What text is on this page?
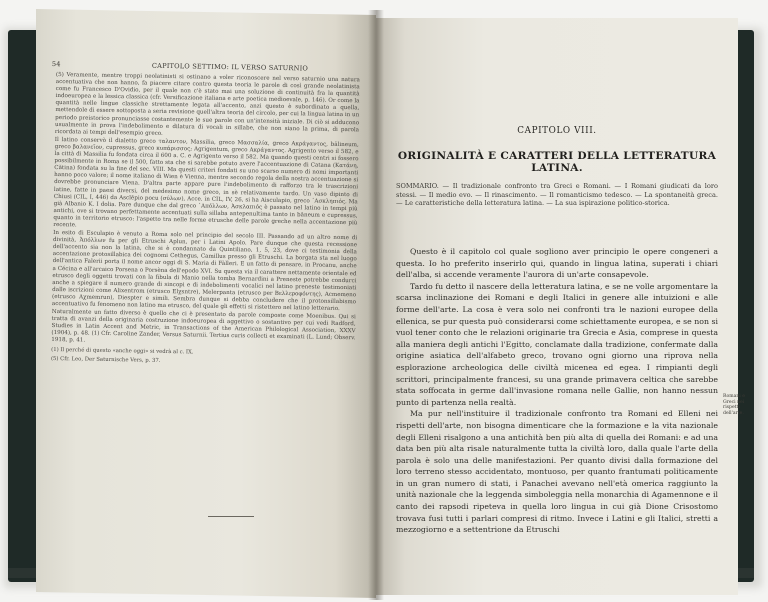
54	CAPITOLO SETTIMO: IL VERSO SATURNIO

(5) Veramente, mentre troppi neolatinisti si ostinano a voler riconoscere nel verso saturnio una natura accentuativa che non hanno, fa piacere citare contro questa teoria le parole di così grande neolatinista come fu Francesco D'Ovidio, per il quale non c'è stato mai una soluzione di continuità fra la quantità indoeuropea e la lessica classica (cfr. Versificazione italiana e arte poetica medioevale, p. 146). Or come la quantità nelle lingue classiche strettamente legata all'accento, anzi questo è subordinato a quella, mettendole di essere sottoposta a seria revisione quell'altra teoria del circolo, per cui la lingua latina in un periodo preistorico pronunciasse costantemente le sue parole con un'intensità iniziale. Di ciò si adducono usualmente in prova l'indebolimento e dilatura di vocali in sillabe, che non siano la prima, di parola ricordata ai tempi dell'esempio greco.

Il latino conservò il dialetto greco ταλαντον, Massilia, greco Μασσαλία, greco Ακράγαντος, bālineum, greco βαλανεῖον, cupressus, greco κυπάρισσος; Agrigentum, greco Ακράγαντος. Agrigento verso il 582, e la città di Massilia fu fondata circa il 600 a. C. e Agrigento verso il 582. Ma quando questi centri si fossero possibilmente in Roma se il 500, fatto sta che si sarebbe potuto avere l'accentuazione di Catana (Κατάνη, Cătina) fondata su la fine del sec. VIII. Ma questi criteri fondati su uno scarso numero di nomi importanti hanno poco valore; il nome italiano di Wien è Vienna, mentre secondo regola della nostra accentuazione si dovrebbe pronunciare Viena. D'altra parte appare pure l'indebolimento di rafforzo tra le trascrizioni latine, fatte in paesi diversi, del medesimo nome greco, in sè relativamente tardo. Un vaso dipinto di Chiusi (CIL, I, 446) da Asclēpio pocu (σύλων), Acce. in CIL, IV, 26, si ha Aisculapio, greco ᾽Ασκληπιός. Ma già Albanio K. I dolia. Pare dunque che dal greco ᾽Απόλλων, Ἀσκλαπιός è passato nel latino in tempi più antichi, ove si trovano perfettamente accentuati sulla sillaba antepenultima tanto in bāneum e cupressus, quanto in territorio etrusco: l'aspetto tra nelle forme etrusche delle parole greche nella accentazione più recente.

In esito di Esculapio è venuto a Roma solo nel principio del secolo III. Passando ad un altro nome di divinità, Ἀπόλλων fu per gli Etruschi Aplun, per i Latini Apolo. Pare dunque che questa recessione dell'accento sia non la latina, che si è condannato da Quintiliano, 1, 5, 23, dove ci testimonia della accentazione protosillabica dei cognomi Cethegus, Camillus presso gli Etruschi. La borgata sta nel luogo dell'antica Falerii porta il nome ancor oggi di S. Maria di Fàlleri. E un fatto di pensare, in Procanu, anche a Cécina e all'arcaico Porsena o Porsèna dell'epodo XVI. Su questa via il carattere nettamente orientale ed etrusco degli oggetti trovati con la fibula di Manio nella tomba Bernardini a Preneste potrebbe condurci anche a spiegare il numero grande di sincopi e di indebolimenti vocalici nel latino preneste testimoniati dalle iscrizioni come Alixentrom (etrusco Elχsntre), Melerpanta (etrusco per Βελλεροφόντης), Acmemeno (etrusco Aχmemrun), Diespter e simili. Sembra dunque si debba concludere che il protonsillabismo accentuativo fu fenomeno non latino ma etrusco, del quale gli effetti si ristettero nel latino letterario.

Naturalmente un fatto diverso è quello che ci è presentato da parole composte come Moenibus. Qui si tratta di avanzi della originaria costruzione indoeuropea di aggettivo o sostantivo per cui vedi Radford, Studies in Latin Accent and Metric, in Transactions of the American Philological Association, XXXV (1904), p. 48. (1) Cfr. Caroline Zander, Versus Saturnii. Tertius curis collecti et examinati (L. Lund; Observ. 1918, p. 41.

(1) Il perché di questo «anche oggi» si vedrà al c. IX.

(5) Cfr. Leo, Der Saturnische Vers, p. 37.

CAPITOLO VIII.
ORIGINALITÀ E CARATTERI DELLA LETTERATURA LATINA.
SOMMARIO. — Il tradizionale confronto tra Greci e Romani. — I Romani giudicati da loro stessi. — Il medio evo. — Il rinascimento. — Il romanticismo tedesco. — La spontaneità greca. — Le caratteristiche della letteratura latina. — La sua ispirazione politico-storica.

Questo è il capitolo col quale sogliono aver principio le opere congeneri a questa. Io ho preferito inserirlo qui, quando in lingua latina, superati i chiari dell'alba, si accende veramente l'aurora di un'arte consapevole.

Tardo fu detto il nascere della letteratura latina, e se ne volle argomentare la scarsa inclinazione dei Romani e degli Italici in genere alle intuizioni e alle forme dell'arte. La cosa è vera solo nei confronti tra le nazioni europee della ellenica, se pur questa può considerarsi come schiettamente europea, e se non si vuol tener conto che le relazioni originarie tra Grecia e Asia, comprese in questa alla maniera degli antichi l'Egitto, conclamate dalla tradizione, confermate dalla origine asiatica dell'alfabeto greco, trovano ogni giorno una riprova nella esplorazione archeologica delle civiltà micenea ed egea. I rimpianti degli scrittori, principalmente francesi, su una grande primavera celtica che sarebbe stata soffocata in germe dall'invasione romana nelle Gallie, non hanno nessun punto di partenza nella realtà.

Ma pur nell'instituire il tradizionale confronto tra Romani ed Elleni nei rispetti dell'arte, non bisogna dimenticare che la formazione e la vita nazionale degli Elleni risalgono a una antichità ben più alta di quella dei Romani: e ad una data ben più alta risale naturalmente tutta la civiltà loro, dalla quale l'arte della parola è solo una delle manifestazioni. Per quanto divisi dalla formazione del loro terreno stesso accidentato, montuoso, per quanto frantumati politicamente in un gran numero di stati, i Panachei avevano nell'età omerica raggiunto la unità nazionale che la leggenda simboleggia nella monarchia di Agamennone e il canto dei rapsodi ripeteva in quella loro lingua in cui già Dione Crisostomo trovava fusi tutti i parlari compresi di ritmo. Invece i Latini e gli Italici, stretti a mezzogiorno e a settentrione da Etruschi

Romani e Greci nei rispetti dell'arte.
